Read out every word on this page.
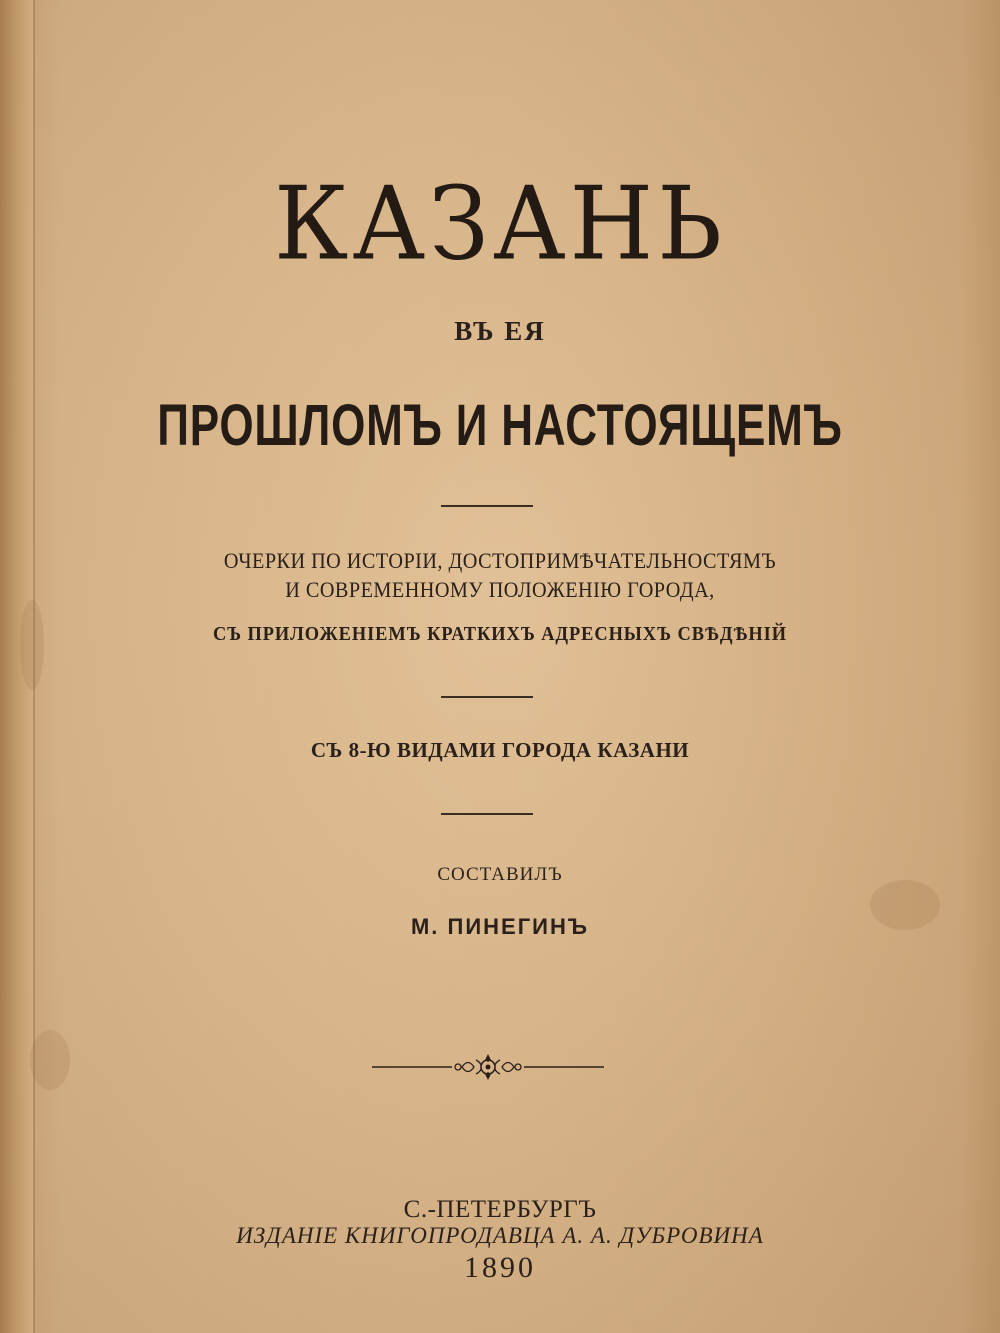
КАЗАНЬ
ВЪ ЕЯ
ПРОШЛОМЪ И НАСТОЯЩЕМЪ
ОЧЕРКИ ПО ИСТОРІИ, ДОСТОПРИМѢЧАТЕЛЬНОСТЯМЪ
И СОВРЕМЕННОМУ ПОЛОЖЕНІЮ ГОРОДА,
СЪ ПРИЛОЖЕНІЕМЪ КРАТКИХЪ АДРЕСНЫХЪ СВѢДѢНІЙ
СЪ 8-Ю ВИДАМИ ГОРОДА КАЗАНИ
СОСТАВИЛЪ
М. ПИНЕГИНЪ
С.-ПЕТЕРБУРГЪ
ИЗДАНІЕ КНИГОПРОДАВЦА А. А. ДУБРОВИНА
1890
